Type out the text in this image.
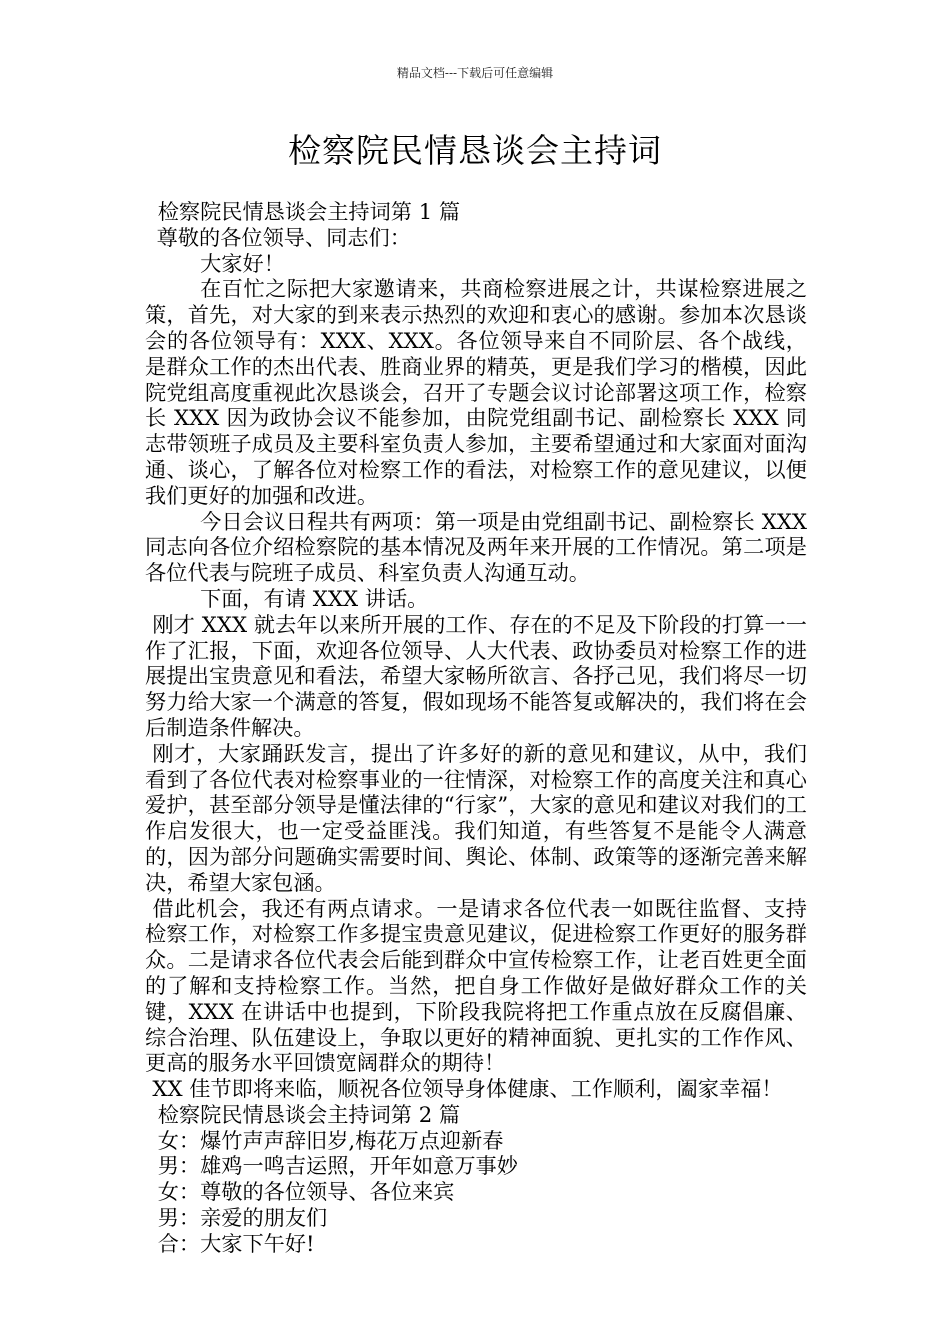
精品文档---下载后可任意编辑
检察院民情恳谈会主持词

检察院民情恳谈会主持词第 1 篇

尊敬的各位领导、同志们：

大家好！

在百忙之际把大家邀请来，共商检察进展之计，共谋检察进展之策，首先，对大家的到来表示热烈的欢迎和衷心的感谢。参加本次恳谈会的各位领导有：XXX、XXX。各位领导来自不同阶层、各个战线，是群众工作的杰出代表、胜商业界的精英，更是我们学习的楷模，因此院党组高度重视此次恳谈会，召开了专题会议讨论部署这项工作，检察长 XXX 因为政协会议不能参加，由院党组副书记、副检察长 XXX 同志带领班子成员及主要科室负责人参加，主要希望通过和大家面对面沟通、谈心，了解各位对检察工作的看法，对检察工作的意见建议，以便我们更好的加强和改进。

今日会议日程共有两项：第一项是由党组副书记、副检察长 XXX 同志向各位介绍检察院的基本情况及两年来开展的工作情况。第二项是各位代表与院班子成员、科室负责人沟通互动。

下面，有请 XXX 讲话。

刚才 XXX 就去年以来所开展的工作、存在的不足及下阶段的打算一一作了汇报，下面，欢迎各位领导、人大代表、政协委员对检察工作的进展提出宝贵意见和看法，希望大家畅所欲言、各抒己见，我们将尽一切努力给大家一个满意的答复，假如现场不能答复或解决的，我们将在会后制造条件解决。

刚才，大家踊跃发言，提出了许多好的新的意见和建议，从中，我们看到了各位代表对检察事业的一往情深，对检察工作的高度关注和真心爱护，甚至部分领导是懂法律的“行家”，大家的意见和建议对我们的工作启发很大，也一定受益匪浅。我们知道，有些答复不是能令人满意的，因为部分问题确实需要时间、舆论、体制、政策等的逐渐完善来解决，希望大家包涵。

借此机会，我还有两点请求。一是请求各位代表一如既往监督、支持检察工作，对检察工作多提宝贵意见建议，促进检察工作更好的服务群众。二是请求各位代表会后能到群众中宣传检察工作，让老百姓更全面的了解和支持检察工作。当然，把自身工作做好是做好群众工作的关键，XXX 在讲话中也提到，下阶段我院将把工作重点放在反腐倡廉、综合治理、队伍建设上，争取以更好的精神面貌、更扎实的工作作风、更高的服务水平回馈宽阔群众的期待！

XX 佳节即将来临，顺祝各位领导身体健康、工作顺利，阖家幸福！

检察院民情恳谈会主持词第 2 篇

女：爆竹声声辞旧岁,梅花万点迎新春

男：雄鸡一鸣吉运照，开年如意万事妙

女：尊敬的各位领导、各位来宾

男：亲爱的朋友们

合：大家下午好!
